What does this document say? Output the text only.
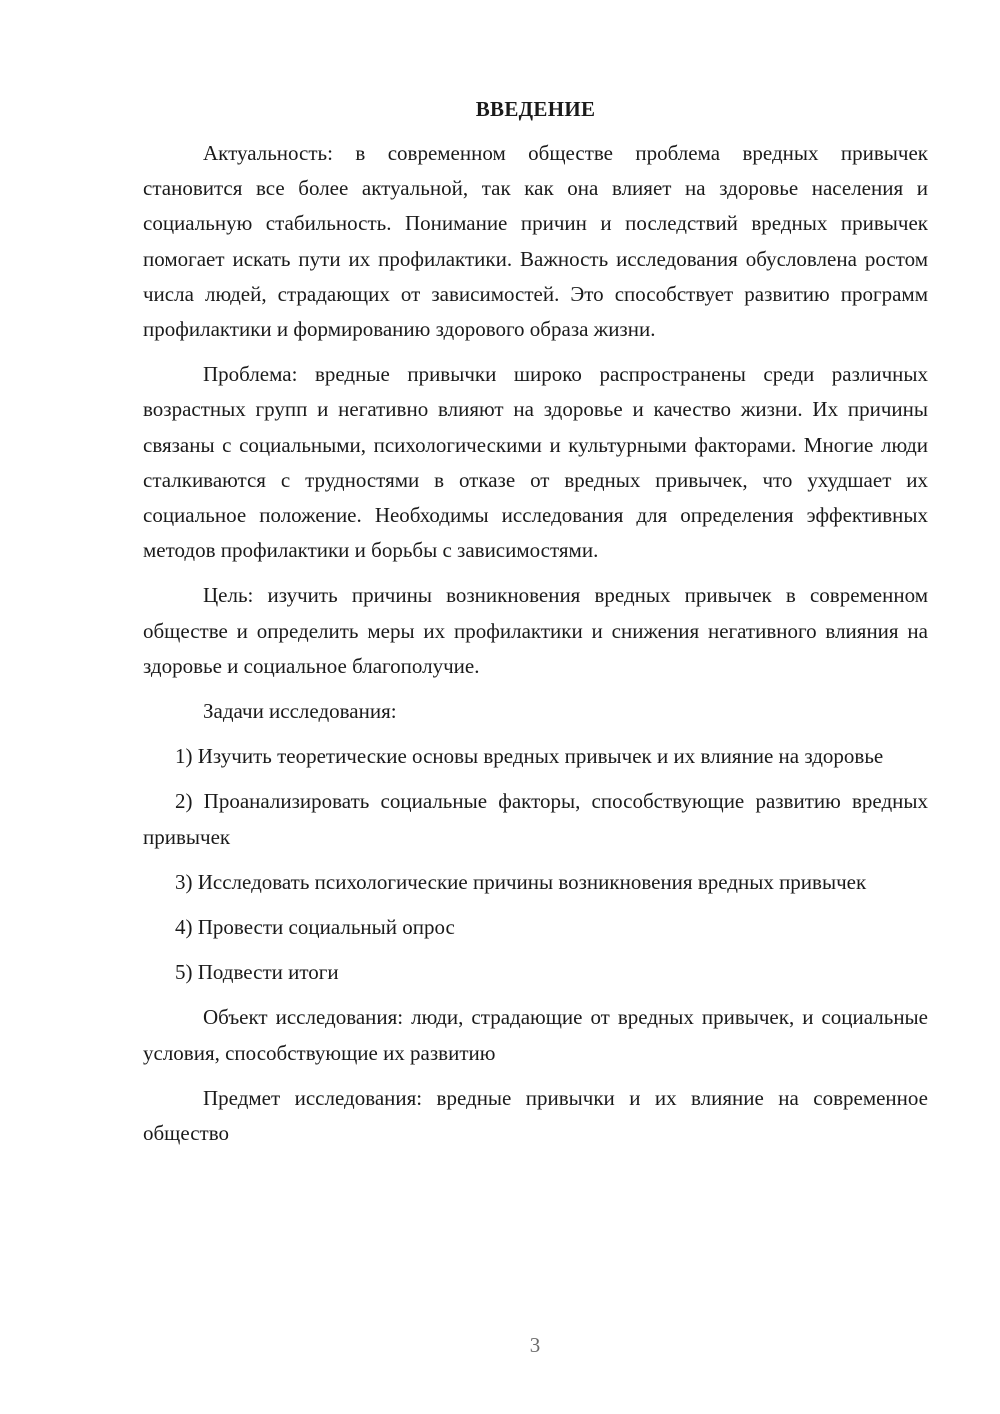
ВВЕДЕНИЕ

Актуальность: в современном обществе проблема вредных привычек становится все более актуальной, так как она влияет на здоровье населения и социальную стабильность. Понимание причин и последствий вредных привычек помогает искать пути их профилактики. Важность исследования обусловлена ростом числа людей, страдающих от зависимостей. Это способствует развитию программ профилактики и формированию здорового образа жизни.

Проблема: вредные привычки широко распространены среди различных возрастных групп и негативно влияют на здоровье и качество жизни. Их причины связаны с социальными, психологическими и культурными факторами. Многие люди сталкиваются с трудностями в отказе от вредных привычек, что ухудшает их социальное положение. Необходимы исследования для определения эффективных методов профилактики и борьбы с зависимостями.

Цель: изучить причины возникновения вредных привычек в современном обществе и определить меры их профилактики и снижения негативного влияния на здоровье и социальное благополучие.

Задачи исследования:

1) Изучить теоретические основы вредных привычек и их влияние на здоровье

2) Проанализировать социальные факторы, способствующие развитию вредных привычек

3) Исследовать психологические причины возникновения вредных привычек

4) Провести социальный опрос

5) Подвести итоги

Объект исследования: люди, страдающие от вредных привычек, и социальные условия, способствующие их развитию

Предмет исследования: вредные привычки и их влияние на современное общество

3
